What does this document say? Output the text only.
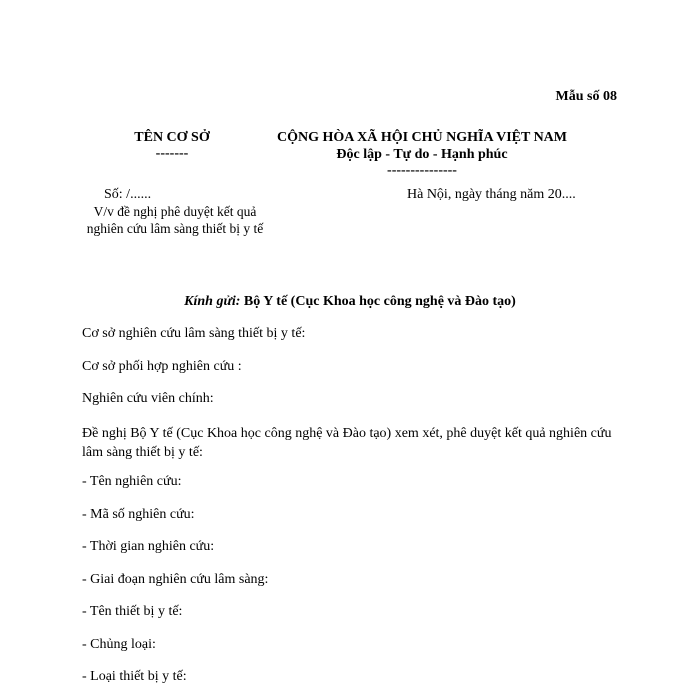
Mẫu số 08
TÊN CƠ SỞ
-------
CỘNG HÒA XÃ HỘI CHỦ NGHĨA VIỆT NAM
Độc lập - Tự do - Hạnh phúc
---------------
Số: /......	Hà Nội, ngày tháng năm 20....
V/v đề nghị phê duyệt kết quả nghiên cứu lâm sàng thiết bị y tế
Kính gửi: Bộ Y tế (Cục Khoa học công nghệ và Đào tạo)
Cơ sở nghiên cứu lâm sàng thiết bị y tế:
Cơ sở phối hợp nghiên cứu :
Nghiên cứu viên chính:
Đề nghị Bộ Y tế (Cục Khoa học công nghệ và Đào tạo) xem xét, phê duyệt kết quả nghiên cứu lâm sàng thiết bị y tế:
- Tên nghiên cứu:
- Mã số nghiên cứu:
- Thời gian nghiên cứu:
- Giai đoạn nghiên cứu lâm sàng:
- Tên thiết bị y tế:
- Chủng loại:
- Loại thiết bị y tế:
